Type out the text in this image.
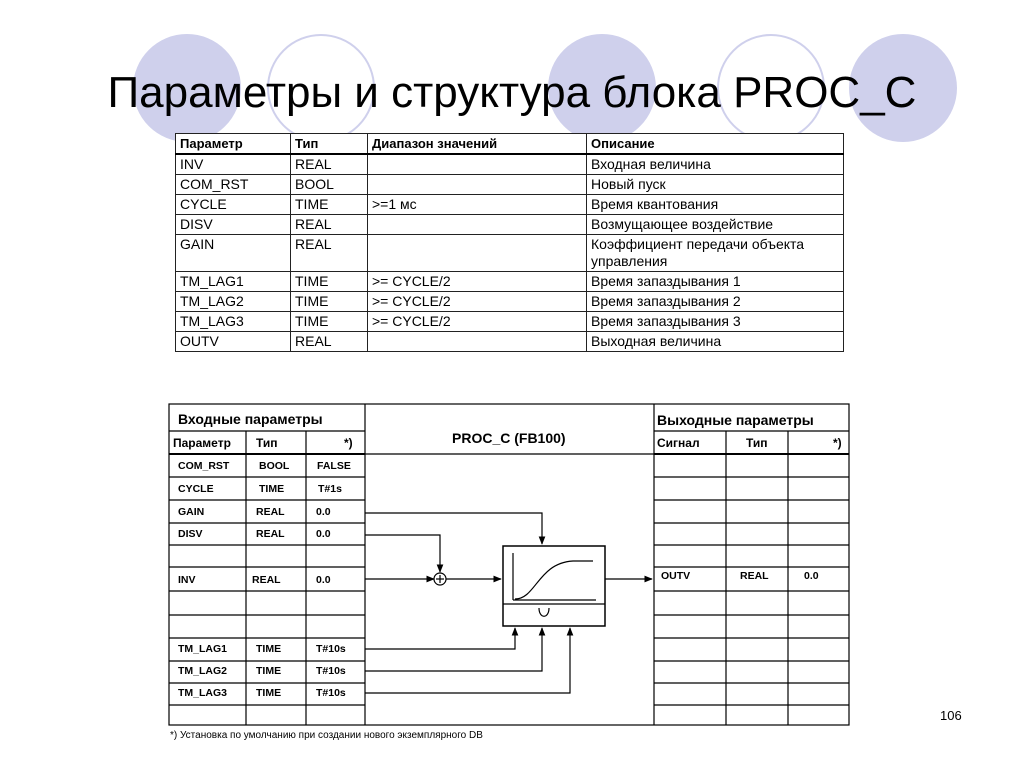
Параметры и структура блока PROC_C
Параметр	Тип	Диапазон значений	Описание
INV	REAL		Входная величина
COM_RST	BOOL		Новый пуск
CYCLE	TIME	>=1 мс	Время квантования
DISV	REAL		Возмущающее воздействие
GAIN	REAL		Коэффициент передачи объекта управления
TM_LAG1	TIME	>= CYCLE/2	Время запаздывания 1
TM_LAG2	TIME	>= CYCLE/2	Время запаздывания 2
TM_LAG3	TIME	>= CYCLE/2	Время запаздывания 3
OUTV	REAL		Выходная величина
Входные параметры	Выходные параметры
PROC_C (FB100)
Параметр Тип	*)	Сигнал	Тип	*)
COM_RST	BOOL	FALSE
CYCLE	TIME	T#1s
GAIN	REAL	0.0
DISV	REAL	0.0
INV	REAL	0.0
TM_LAG1	TIME	T#10s
TM_LAG2	TIME	T#10s
TM_LAG3	TIME	T#10s
OUTV	REAL	0.0
*) Установка по умолчанию при создании нового экземплярного DB
106
